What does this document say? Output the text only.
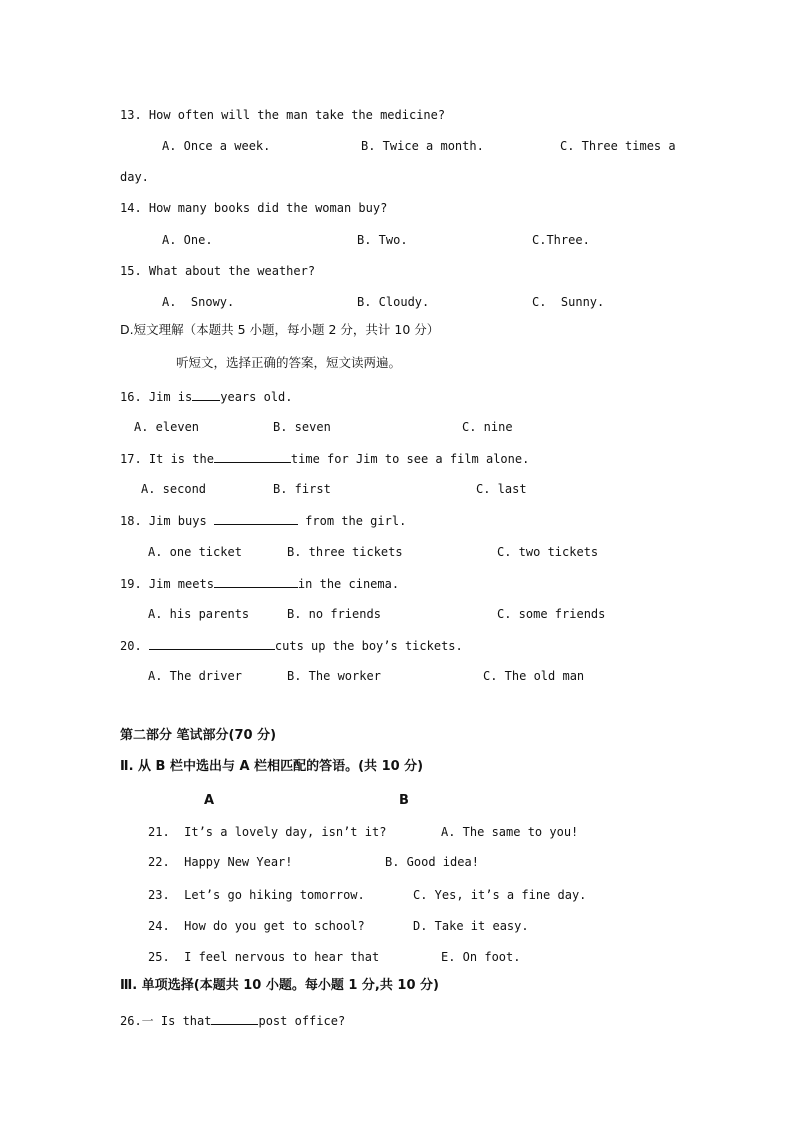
13. How often will the man take the medicine?
A. Once a week.	B. Twice a month.	C. Three times a
day.
14. How many books did the woman buy?
A. One.	B. Two.	C.Three.
15. What about the weather?
A.  Snowy.	B. Cloudy.	C.  Sunny.
D.短文理解（本题共 5 小题，每小题 2 分，共计 10 分）
听短文，选择正确的答案，短文读两遍。
16. Jim is years old.
A. eleven	B. seven	C. nine
17. It is the	time for Jim to see a film alone.
A. second	B. first	C. last
18. Jim buys	from the girl.
A. one ticket	B. three tickets	C. two tickets
19. Jim meets	in the cinema.
A. his parents	B. no friends	C. some friends
20.	cuts up the boy’s tickets.
A. The driver	B. The worker	C. The old man
第二部分 笔试部分(70 分)
Ⅱ. 从 B 栏中选出与 A 栏相匹配的答语。(共 10 分)
A	B
21.  It’s a lovely day, isn’t it?	A. The same to you!
22.  Happy New Year!	B. Good idea!
23.  Let’s go hiking tomorrow.	C. Yes, it’s a fine day.
24.  How do you get to school?	D. Take it easy.
25.  I feel nervous to hear that	E. On foot.
Ⅲ. 单项选择(本题共 10 小题。每小题 1 分,共 10 分)
26.一 Is that	post office?
